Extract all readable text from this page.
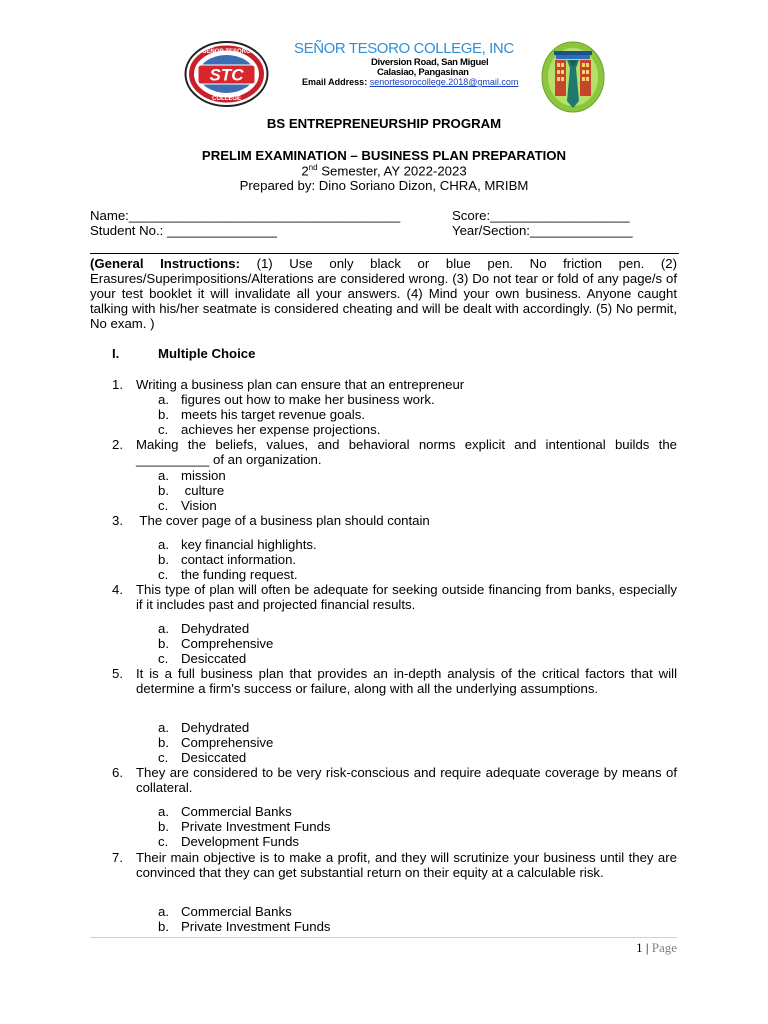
STC
SEÑOR TESORO
COLLEGE
SEÑOR TESORO COLLEGE, INC
Diversion Road, San Miguel
Calasiao, Pangasinan
Email Address: senortesorocollege.2018@gmail.com
BS ENTREPRENEURSHIP PROGRAM
PRELIM EXAMINATION – BUSINESS PLAN PREPARATION
2nd Semester, AY 2022-2023
Prepared by: Dino Soriano Dizon, CHRA, MRIBM
Name:_____________________________________	Score:___________________
Student No.: _______________	Year/Section:______________
(General Instructions: (1) Use only black or blue pen. No friction pen. (2) Erasures/Superimpositions/Alterations are considered wrong. (3) Do not tear or fold of any page/s of your test booklet it will invalidate all your answers. (4) Mind your own business. Anyone caught talking with his/her seatmate is considered cheating and will be dealt with accordingly. (5) No permit, No exam. )
I.	Multiple Choice
1. Writing a business plan can ensure that an entrepreneur
a. figures out how to make her business work.
b. meets his target revenue goals.
c. achieves her expense projections.
2. Making the beliefs, values, and behavioral norms explicit and intentional builds the __________ of an organization.
a. mission
b. culture
c. Vision
3. The cover page of a business plan should contain
a. key financial highlights.
b. contact information.
c. the funding request.
4. This type of plan will often be adequate for seeking outside financing from banks, especially if it includes past and projected financial results.
a. Dehydrated
b. Comprehensive
c. Desiccated
5. It is a full business plan that provides an in-depth analysis of the critical factors that will determine a firm's success or failure, along with all the underlying assumptions.
a. Dehydrated
b. Comprehensive
c. Desiccated
6. They are considered to be very risk-conscious and require adequate coverage by means of collateral.
a. Commercial Banks
b. Private Investment Funds
c. Development Funds
7. Their main objective is to make a profit, and they will scrutinize your business until they are convinced that they can get substantial return on their equity at a calculable risk.
a. Commercial Banks
b. Private Investment Funds
1 | Page
